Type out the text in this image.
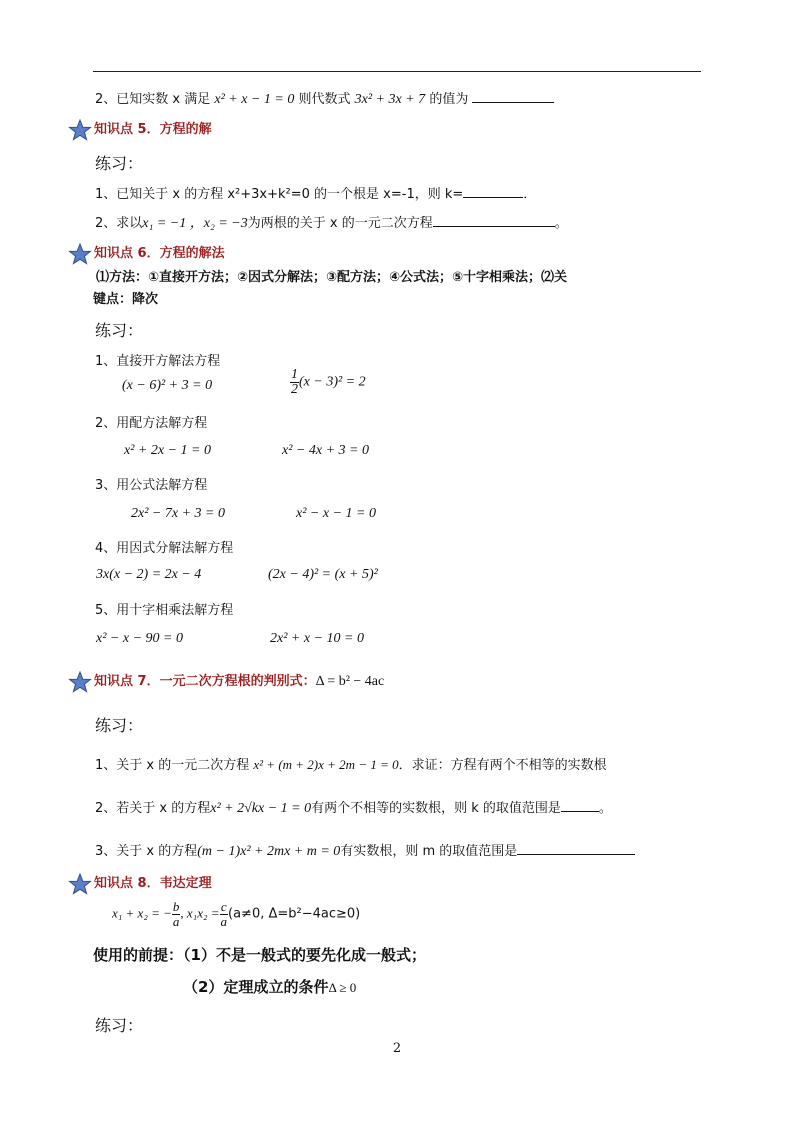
2、已知实数 x 满足 x² + x − 1 = 0 则代数式 3x² + 3x + 7 的值为
知识点 5．方程的解
练习：
1、已知关于 x 的方程 x²+3x+k²=0 的一个根是 x=-1，则 k=	．
2、求以x₁ = −1 ，x₂ = −3为两根的关于 x 的一元二次方程	。
知识点 6．方程的解法
⑴方法：①直接开方法；②因式分解法；③配方法；④公式法；⑤十字相乘法；⑵关
键点：降次
练习：
1、直接开方解法方程
(x − 6)² + 3 = 0	$\frac{1}{2} (x - 3)^2 = 2$
2、用配方法解方程
x² + 2x − 1 = 0	x² − 4x + 3 = 0
3、用公式法解方程
2x² − 7x + 3 = 0	x² − x − 1 = 0
4、用因式分解法解方程
3x(x − 2) = 2x − 4	(2x − 4)² = (x + 5)²
5、用十字相乘法解方程
x² − x − 90 = 0	2x² + x − 10 = 0
知识点 7．一元二次方程根的判别式：Δ = b² − 4ac
练习：
1、关于 x 的一元二次方程 x² + (m + 2)x + 2m − 1 = 0．求证：方程有两个不相等的实数根
2、若关于 x 的方程x² + 2√kx − 1 = 0有两个不相等的实数根，则 k 的取值范围是	。
3、关于 x 的方程(m − 1)x² + 2mx + m = 0有实数根，则 m 的取值范围是
知识点 8．韦达定理
x₁ + x₂ = − $\frac{b}{a}$ , $x_1x_2 = \frac{c}{a} (a\ne 0$, Δ=b²−4ac≥0)
使用的前提：（1）不是一般式的要先化成一般式；
（2）定理成立的条件Δ ≥ 0
练习：
2
